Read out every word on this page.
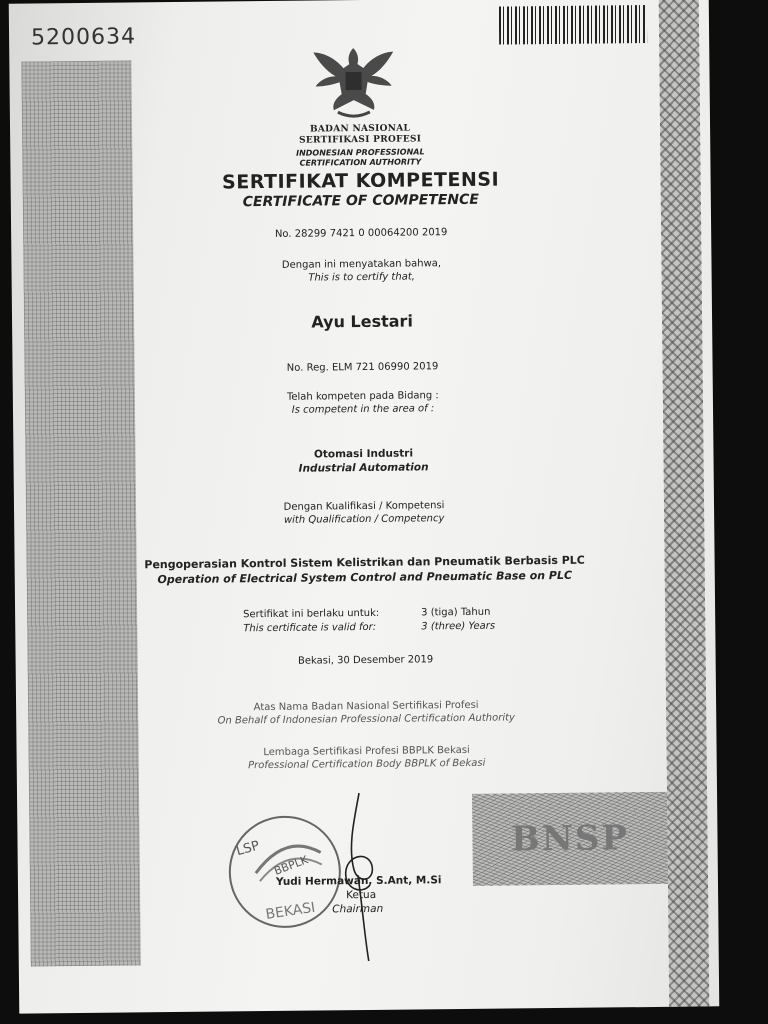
5200634
BADAN NASIONAL
SERTIFIKASI PROFESI
INDONESIAN PROFESSIONAL
CERTIFICATION AUTHORITY
SERTIFIKAT KOMPETENSI
CERTIFICATE OF COMPETENCE
No. 28299 7421 0 00064200 2019
Dengan ini menyatakan bahwa,
This is to certify that,
Ayu Lestari
No. Reg. ELM 721 06990 2019
Telah kompeten pada Bidang :
Is competent in the area of :
Otomasi Industri
Industrial Automation
Dengan Kualifikasi / Kompetensi
with Qualification / Competency
Pengoperasian Kontrol Sistem Kelistrikan dan Pneumatik Berbasis PLC
Operation of Electrical System Control and Pneumatic Base on PLC
Sertifikat ini berlaku untuk:	3 (tiga) Tahun
This certificate is valid for:	3 (three) Years
Bekasi, 30 Desember 2019
Atas Nama Badan Nasional Sertifikasi Profesi
On Behalf of Indonesian Professional Certification Authority
Lembaga Sertifikasi Profesi BBPLK Bekasi
Professional Certification Body BBPLK of Bekasi
LSP
BBPLK
BEKASI
Yudi Hermawan, S.Ant, M.Si
Ketua
Chairman
BNSP
